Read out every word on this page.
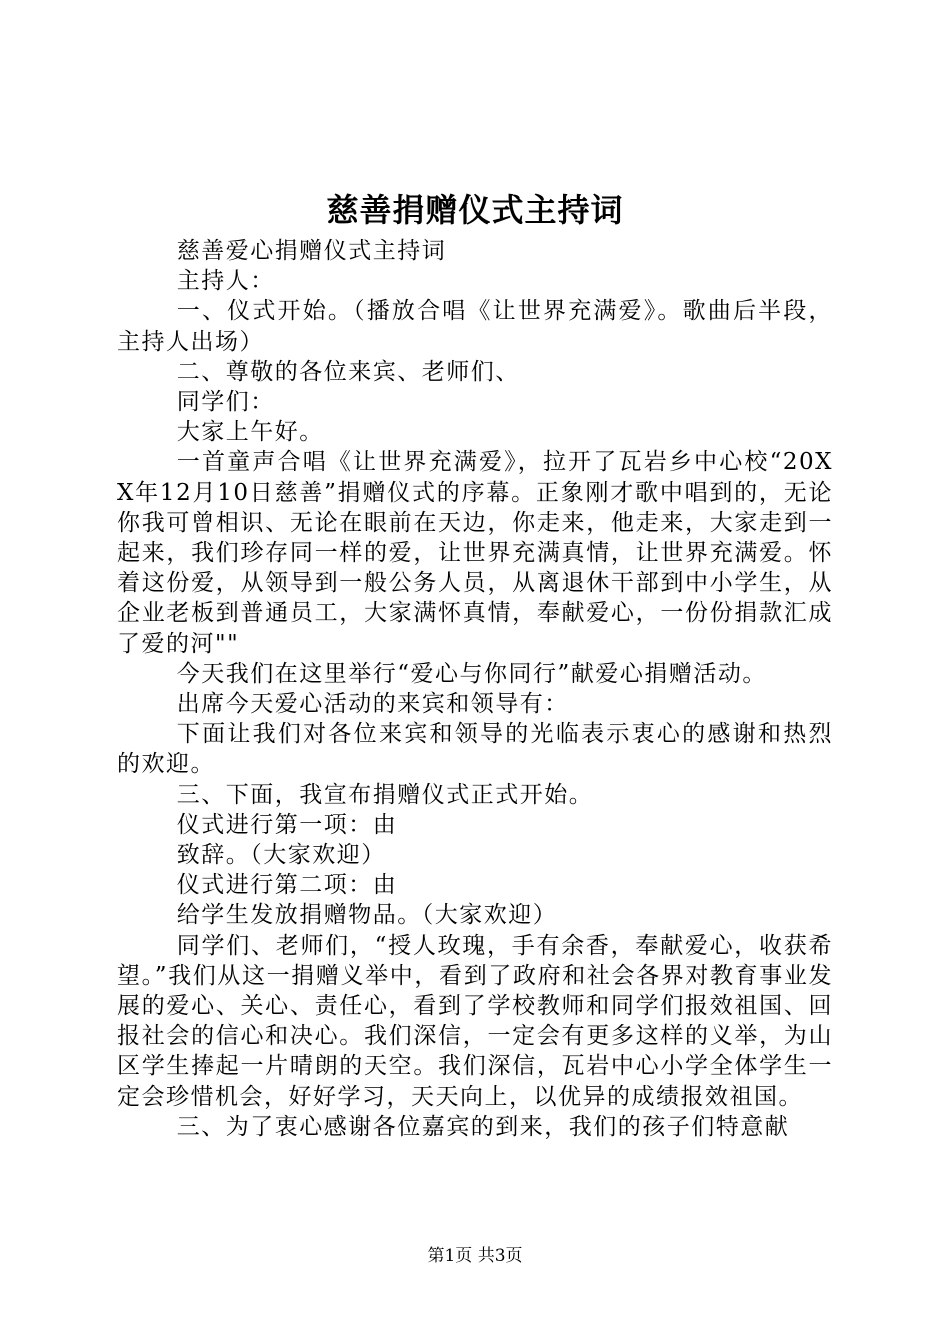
慈善捐赠仪式主持词

慈善爱心捐赠仪式主持词

主持人：

一、仪式开始。（播放合唱《让世界充满爱》。歌曲后半段，主持人出场）

二、尊敬的各位来宾、老师们、

同学们：

大家上午好。

一首童声合唱《让世界充满爱》，拉开了瓦岩乡中心校“20XX年12月10日慈善”捐赠仪式的序幕。正象刚才歌中唱到的，无论你我可曾相识、无论在眼前在天边，你走来，他走来，大家走到一起来，我们珍存同一样的爱，让世界充满真情，让世界充满爱。怀着这份爱，从领导到一般公务人员，从离退休干部到中小学生，从企业老板到普通员工，大家满怀真情，奉献爱心，一份份捐款汇成了爱的河""

今天我们在这里举行“爱心与你同行”献爱心捐赠活动。

出席今天爱心活动的来宾和领导有：

下面让我们对各位来宾和领导的光临表示衷心的感谢和热烈的欢迎。

三、下面，我宣布捐赠仪式正式开始。

仪式进行第一项：由

致辞。（大家欢迎）

仪式进行第二项：由

给学生发放捐赠物品。（大家欢迎）

同学们、老师们，“授人玫瑰，手有余香，奉献爱心，收获希望。”我们从这一捐赠义举中，看到了政府和社会各界对教育事业发展的爱心、关心、责任心，看到了学校教师和同学们报效祖国、回报社会的信心和决心。我们深信，一定会有更多这样的义举，为山区学生捧起一片晴朗的天空。我们深信，瓦岩中心小学全体学生一定会珍惜机会，好好学习，天天向上，以优异的成绩报效祖国。

三、为了衷心感谢各位嘉宾的到来，我们的孩子们特意献

第1页 共3页
